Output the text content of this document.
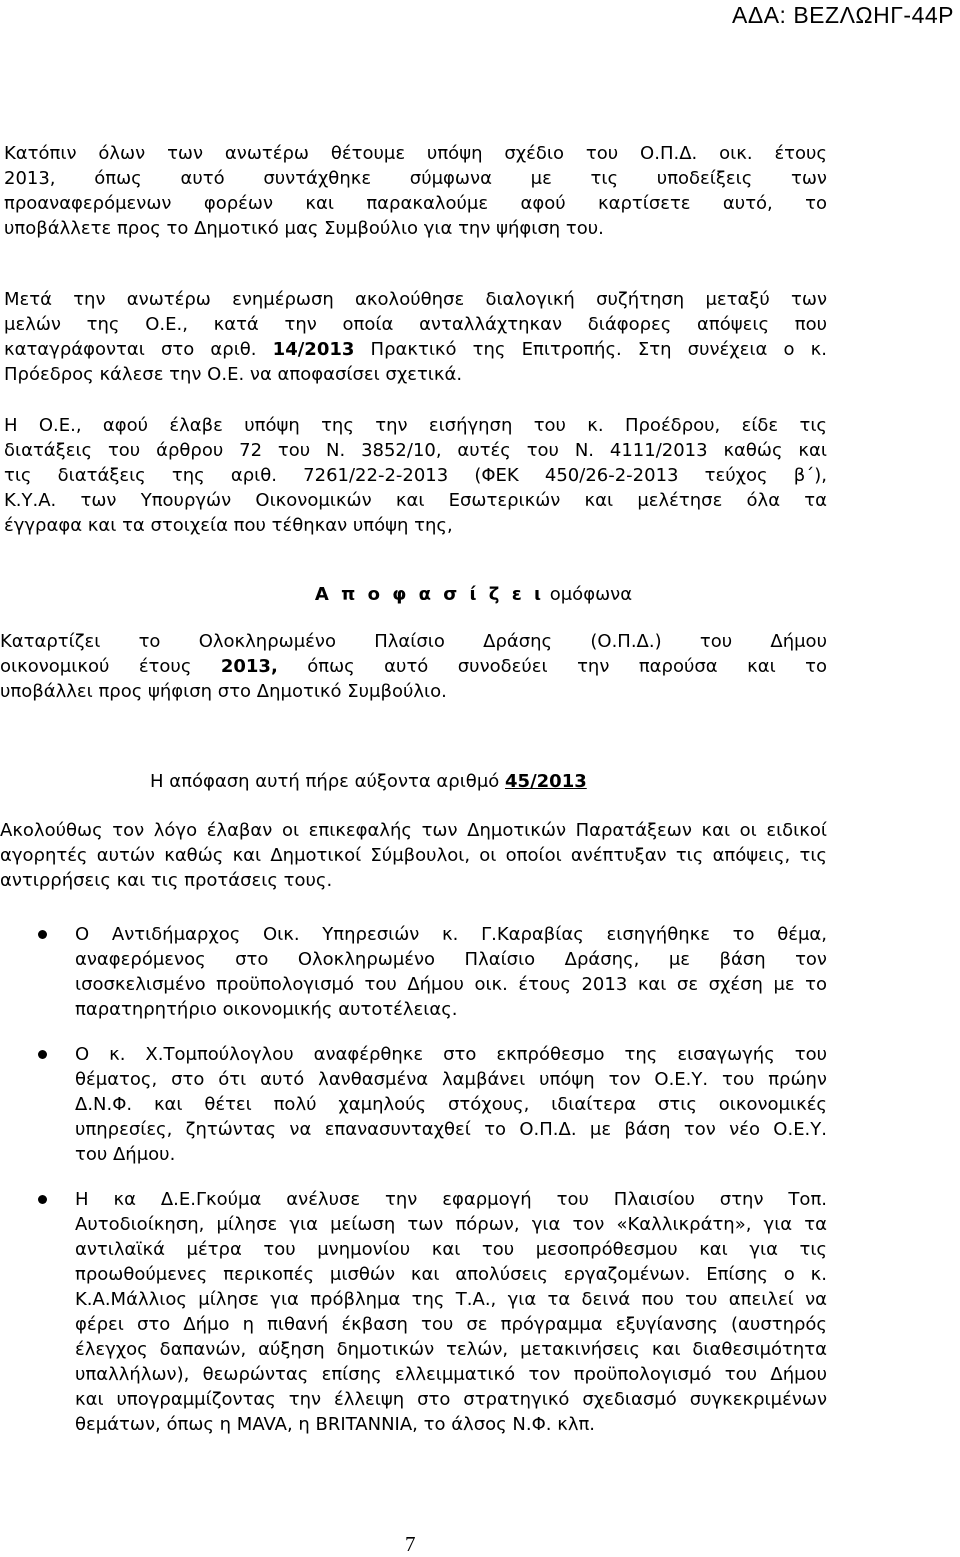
ΑΔΑ: ΒΕΖΛΩΗΓ-44Ρ

Κατόπιν όλων των ανωτέρω θέτουμε υπόψη σχέδιο του Ο.Π.Δ. οικ. έτους

2013, όπως αυτό συντάχθηκε σύμφωνα με τις υποδείξεις των

προαναφερόμενων φορέων και παρακαλούμε αφού καρτίσετε αυτό, το

υποβάλλετε προς το Δημοτικό μας Συμβούλιο για την ψήφιση του.

Μετά την ανωτέρω ενημέρωση ακολούθησε διαλογική συζήτηση μεταξύ των

μελών της Ο.Ε., κατά την οποία ανταλλάχτηκαν διάφορες απόψεις που

καταγράφονται στο αριθ. 14/2013 Πρακτικό της Επιτροπής. Στη συνέχεια ο κ.

Πρόεδρος κάλεσε την Ο.Ε. να αποφασίσει σχετικά.

Η Ο.Ε., αφού έλαβε υπόψη της την εισήγηση του κ. Προέδρου, είδε τις

διατάξεις του άρθρου 72 του Ν. 3852/10, αυτές του Ν. 4111/2013 καθώς και

τις διατάξεις της αριθ. 7261/22-2-2013 (ΦΕΚ 450/26-2-2013 τεύχος β΄),

Κ.Υ.Α. των Υπουργών Οικονομικών και Εσωτερικών και μελέτησε όλα τα

έγγραφα και τα στοιχεία που τέθηκαν υπόψη της,

Α π ο φ α σ ί ζ ε ι ομόφωνα

Καταρτίζει το Ολοκληρωμένο Πλαίσιο Δράσης (Ο.Π.Δ.) του Δήμου

οικονομικού έτους 2013, όπως αυτό συνοδεύει την παρούσα και το

υποβάλλει προς ψήφιση στο Δημοτικό Συμβούλιο.

Η απόφαση αυτή πήρε αύξοντα αριθμό 45/2013

Ακολούθως τον λόγο έλαβαν οι επικεφαλής των Δημοτικών Παρατάξεων και οι ειδικοί

αγορητές αυτών καθώς και Δημοτικοί Σύμβουλοι, οι οποίοι ανέπτυξαν τις απόψεις, τις

αντιρρήσεις και τις προτάσεις τους.

Ο Αντιδήμαρχος Οικ. Υπηρεσιών κ. Γ.Καραβίας εισηγήθηκε το θέμα,

αναφερόμενος στο Ολοκληρωμένο Πλαίσιο Δράσης, με βάση τον

ισοσκελισμένο προϋπολογισμό του Δήμου οικ. έτους 2013 και σε σχέση με το

παρατηρητήριο οικονομικής αυτοτέλειας.

Ο κ. Χ.Τομπούλογλου αναφέρθηκε στο εκπρόθεσμο της εισαγωγής του

θέματος, στο ότι αυτό λανθασμένα λαμβάνει υπόψη τον Ο.Ε.Υ. του πρώην

Δ.Ν.Φ. και θέτει πολύ χαμηλούς στόχους, ιδιαίτερα στις οικονομικές

υπηρεσίες, ζητώντας να επανασυνταχθεί το Ο.Π.Δ. με βάση τον νέο Ο.Ε.Υ.

του Δήμου.

Η κα Δ.Ε.Γκούμα ανέλυσε την εφαρμογή του Πλαισίου στην Τοπ.

Αυτοδιοίκηση, μίλησε για μείωση των πόρων, για τον «Καλλικράτη», για τα

αντιλαϊκά μέτρα του μνημονίου και του μεσοπρόθεσμου και για τις

προωθούμενες περικοπές μισθών και απολύσεις εργαζομένων. Επίσης ο κ.

Κ.Α.Μάλλιος μίλησε για πρόβλημα της Τ.Α., για τα δεινά που του απειλεί να

φέρει στο Δήμο η πιθανή έκβαση του σε πρόγραμμα εξυγίανσης (αυστηρός

έλεγχος δαπανών, αύξηση δημοτικών τελών, μετακινήσεις και διαθεσιμότητα

υπαλλήλων), θεωρώντας επίσης ελλειμματικό τον προϋπολογισμό του Δήμου

και υπογραμμίζοντας την έλλειψη στο στρατηγικό σχεδιασμό συγκεκριμένων

θεμάτων, όπως η MAVA, η BRITANNIA, το άλσος Ν.Φ. κλπ.

7
